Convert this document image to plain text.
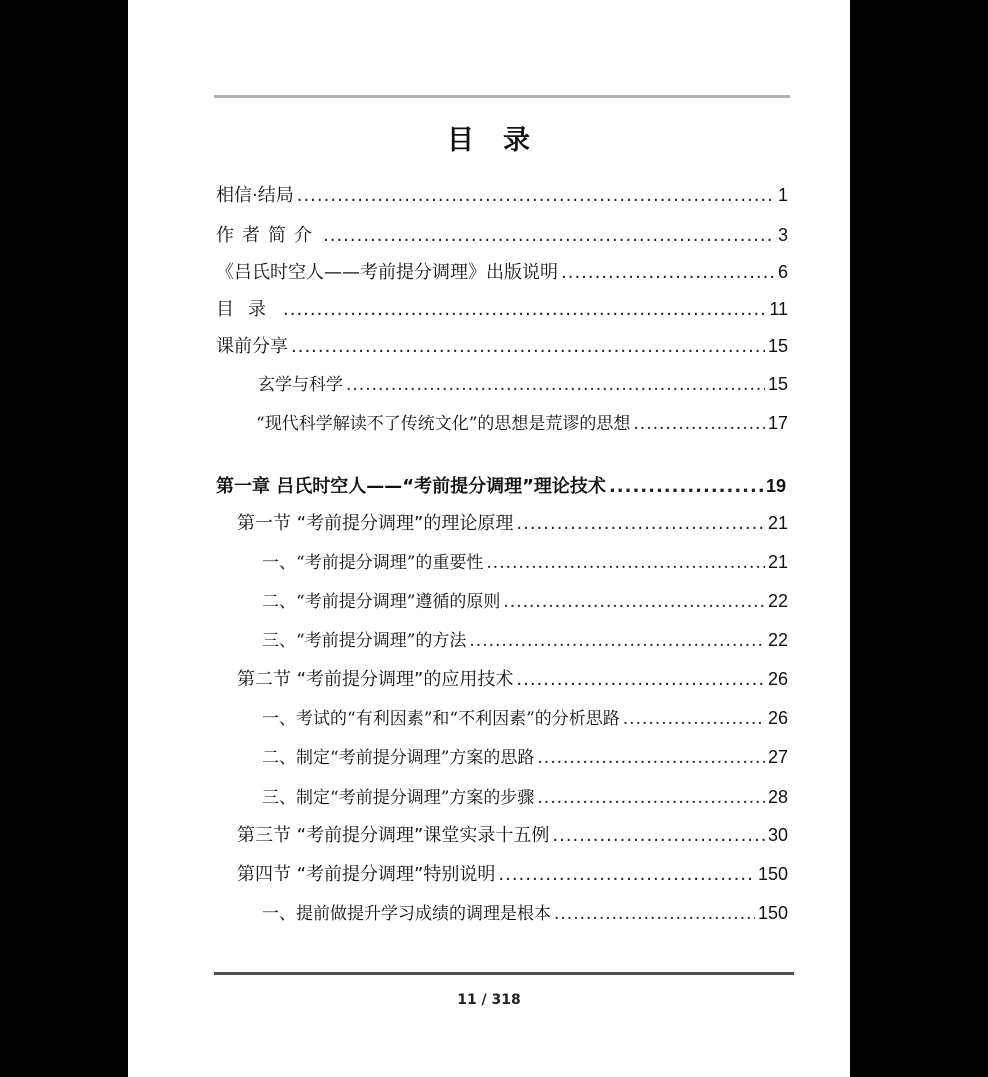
目　录
相信·结局 .....	1
作者简介 .....	3
《吕氏时空人——考前提分调理》出版说明 .....	6
目录 .....	11
课前分享 .....	15
玄学与科学 .....	15
“现代科学解读不了传统文化”的思想是荒谬的思想 .....	17
第一章 吕氏时空人——“考前提分调理”理论技术 .....	19
第一节 “考前提分调理”的理论原理 .....	21
一、“考前提分调理”的重要性 .....	21
二、“考前提分调理”遵循的原则 .....	22
三、“考前提分调理”的方法 .....	22
第二节 “考前提分调理”的应用技术 .....	26
一、考试的“有利因素”和“不利因素”的分析思路 .....	26
二、制定“考前提分调理”方案的思路 .....	27
三、制定“考前提分调理”方案的步骤 .....	28
第三节 “考前提分调理”课堂实录十五例 .....	30
第四节 “考前提分调理”特别说明 .....	150
一、提前做提升学习成绩的调理是根本 .....	150
11 / 318
